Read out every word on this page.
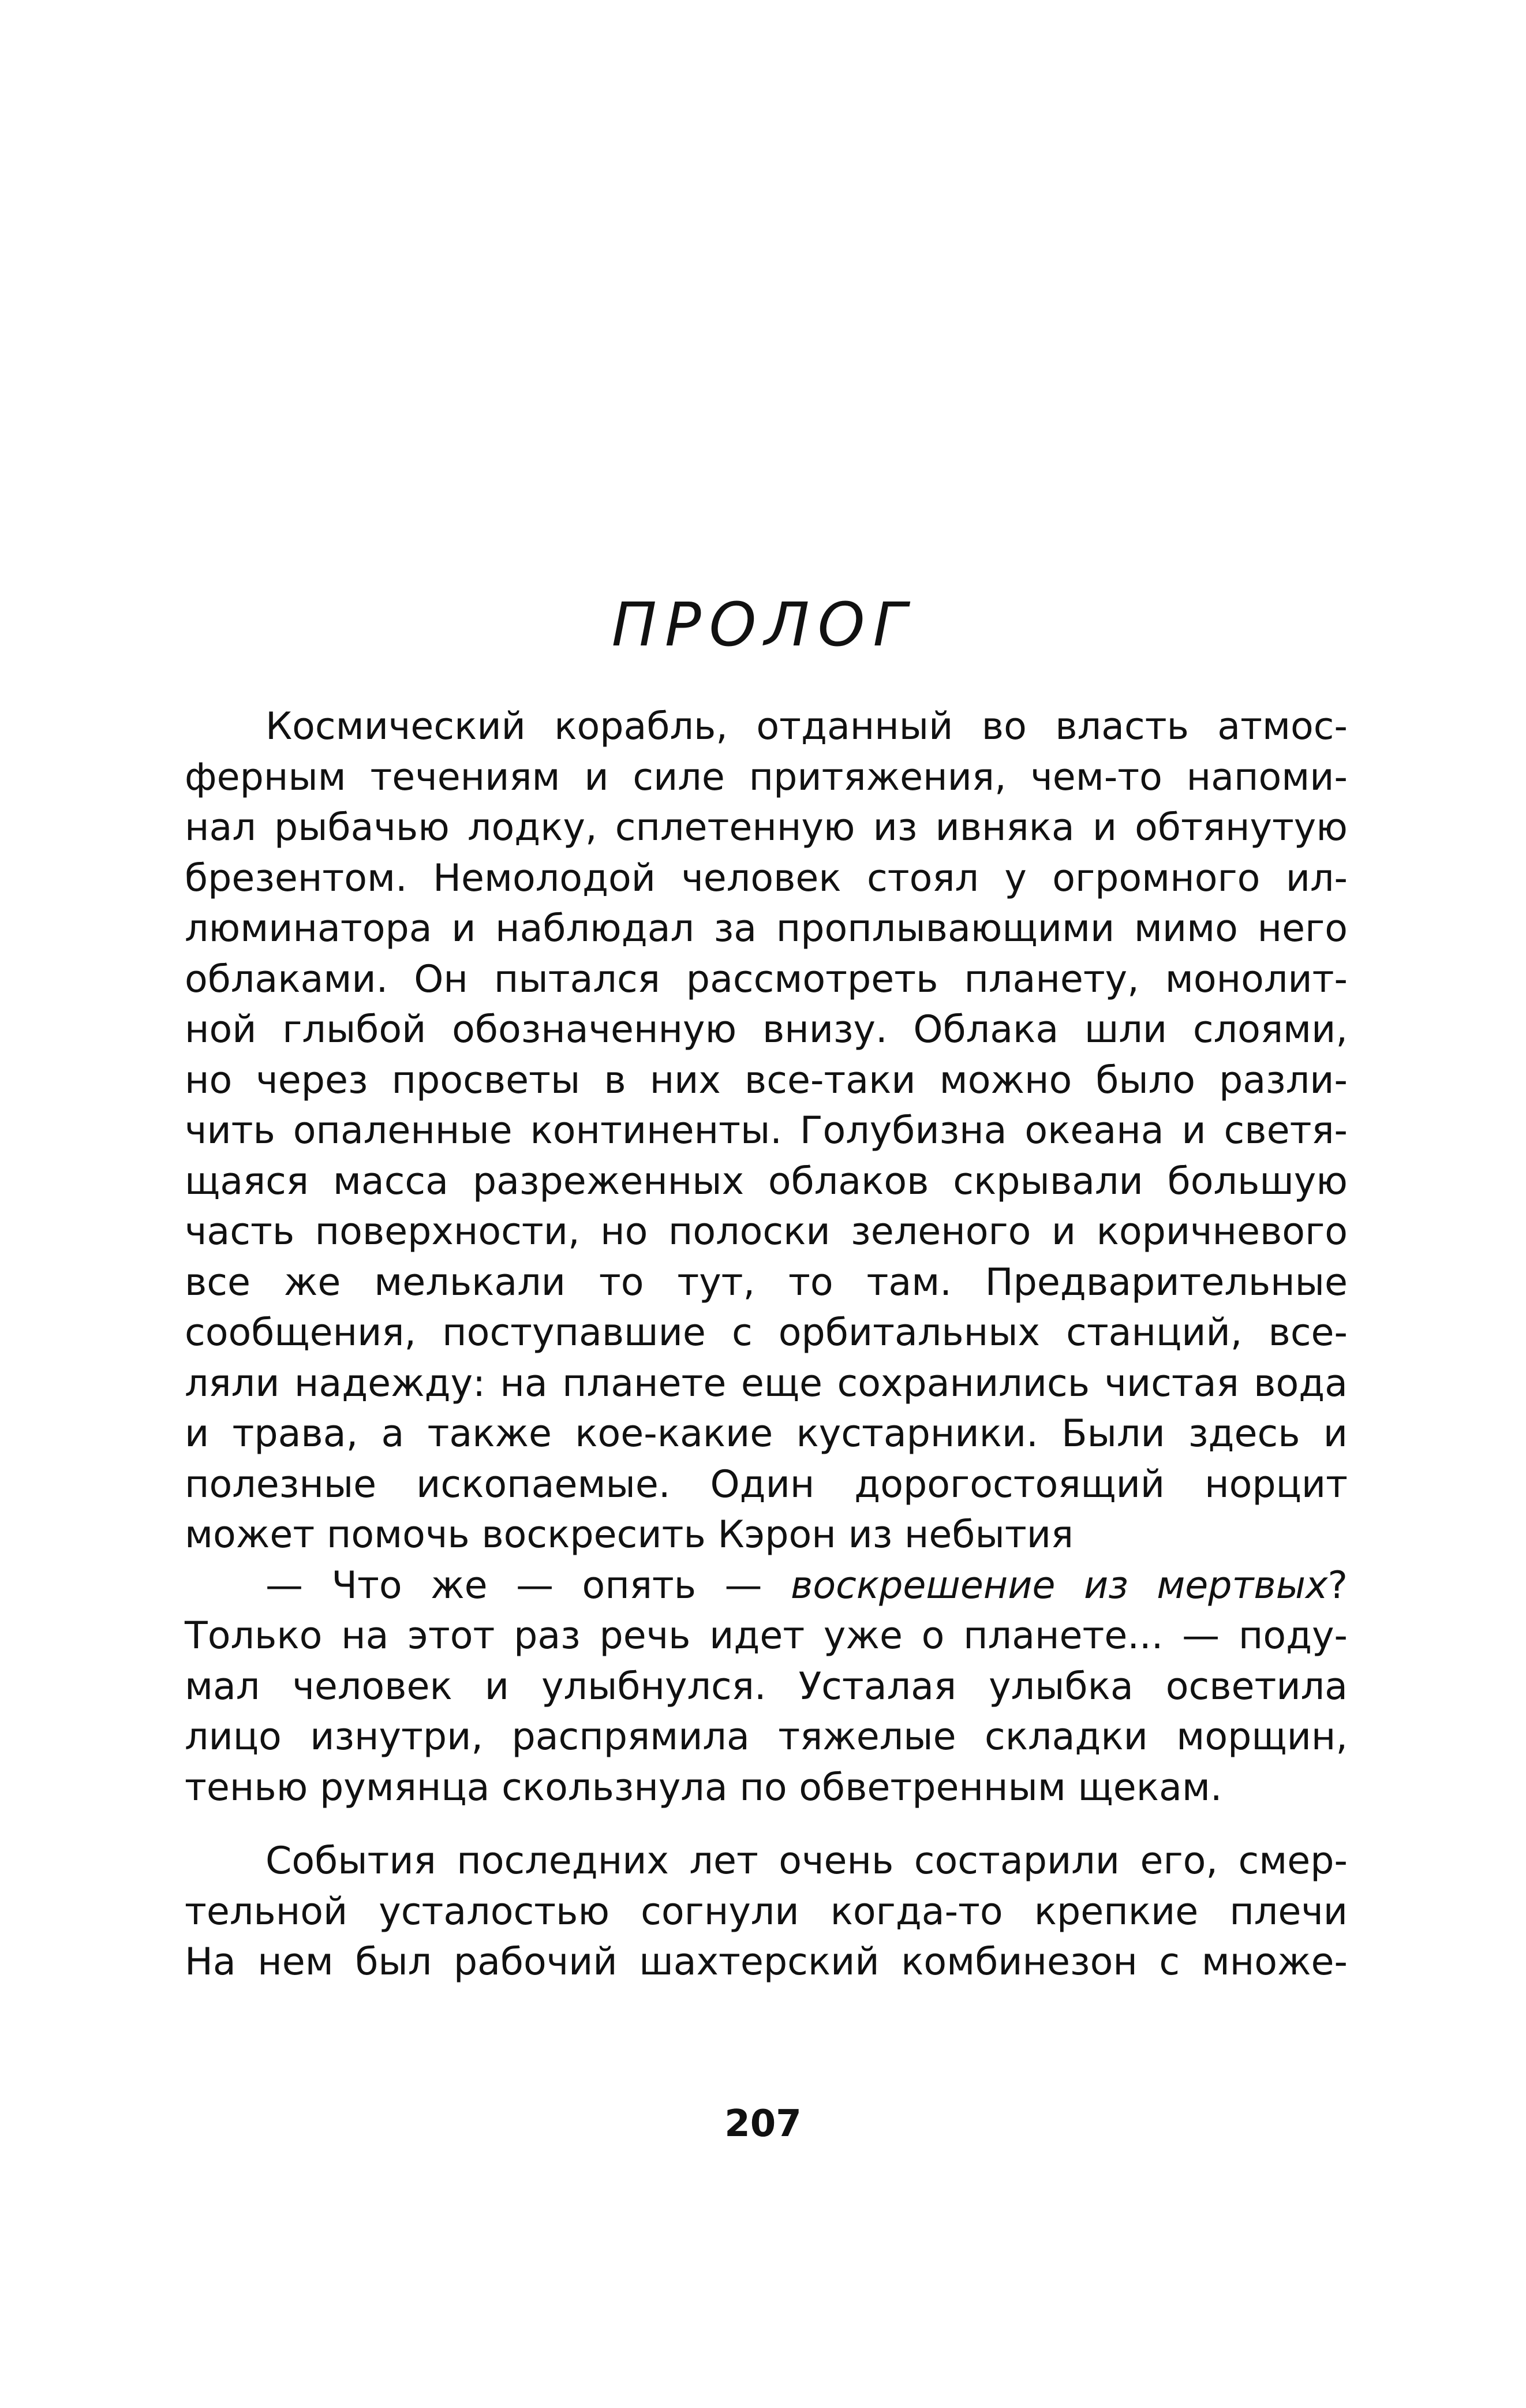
ПРОЛОГ
Космический корабль, отданный во власть атмос-
ферным течениям и силе притяжения, чем-то напоми-
нал рыбачью лодку, сплетенную из ивняка и обтянутую
брезентом. Немолодой человек стоял у огромного ил-
люминатора и наблюдал за проплывающими мимо него
облаками. Он пытался рассмотреть планету, монолит-
ной глыбой обозначенную внизу. Облака шли слоями,
но через просветы в них все-таки можно было разли-
чить опаленные континенты. Голубизна океана и светя-
щаяся масса разреженных облаков скрывали большую
часть поверхности, но полоски зеленого и коричневого
все же мелькали то тут, то там. Предварительные
сообщения, поступавшие с орбитальных станций, все-
ляли надежду: на планете еще сохранились чистая вода
и трава, а также кое-какие кустарники. Были здесь и
полезные ископаемые. Один дорогостоящий норцит
может помочь воскресить Кэрон из небытия
— Что же — опять — воскрешение из мертвых?
Только на этот раз речь идет уже о планете... — поду-
мал человек и улыбнулся. Усталая улыбка осветила
лицо изнутри, распрямила тяжелые складки морщин,
тенью румянца скользнула по обветренным щекам.
События последних лет очень состарили его, смер-
тельной усталостью согнули когда-то крепкие плечи
На нем был рабочий шахтерский комбинезон с множе-
207
